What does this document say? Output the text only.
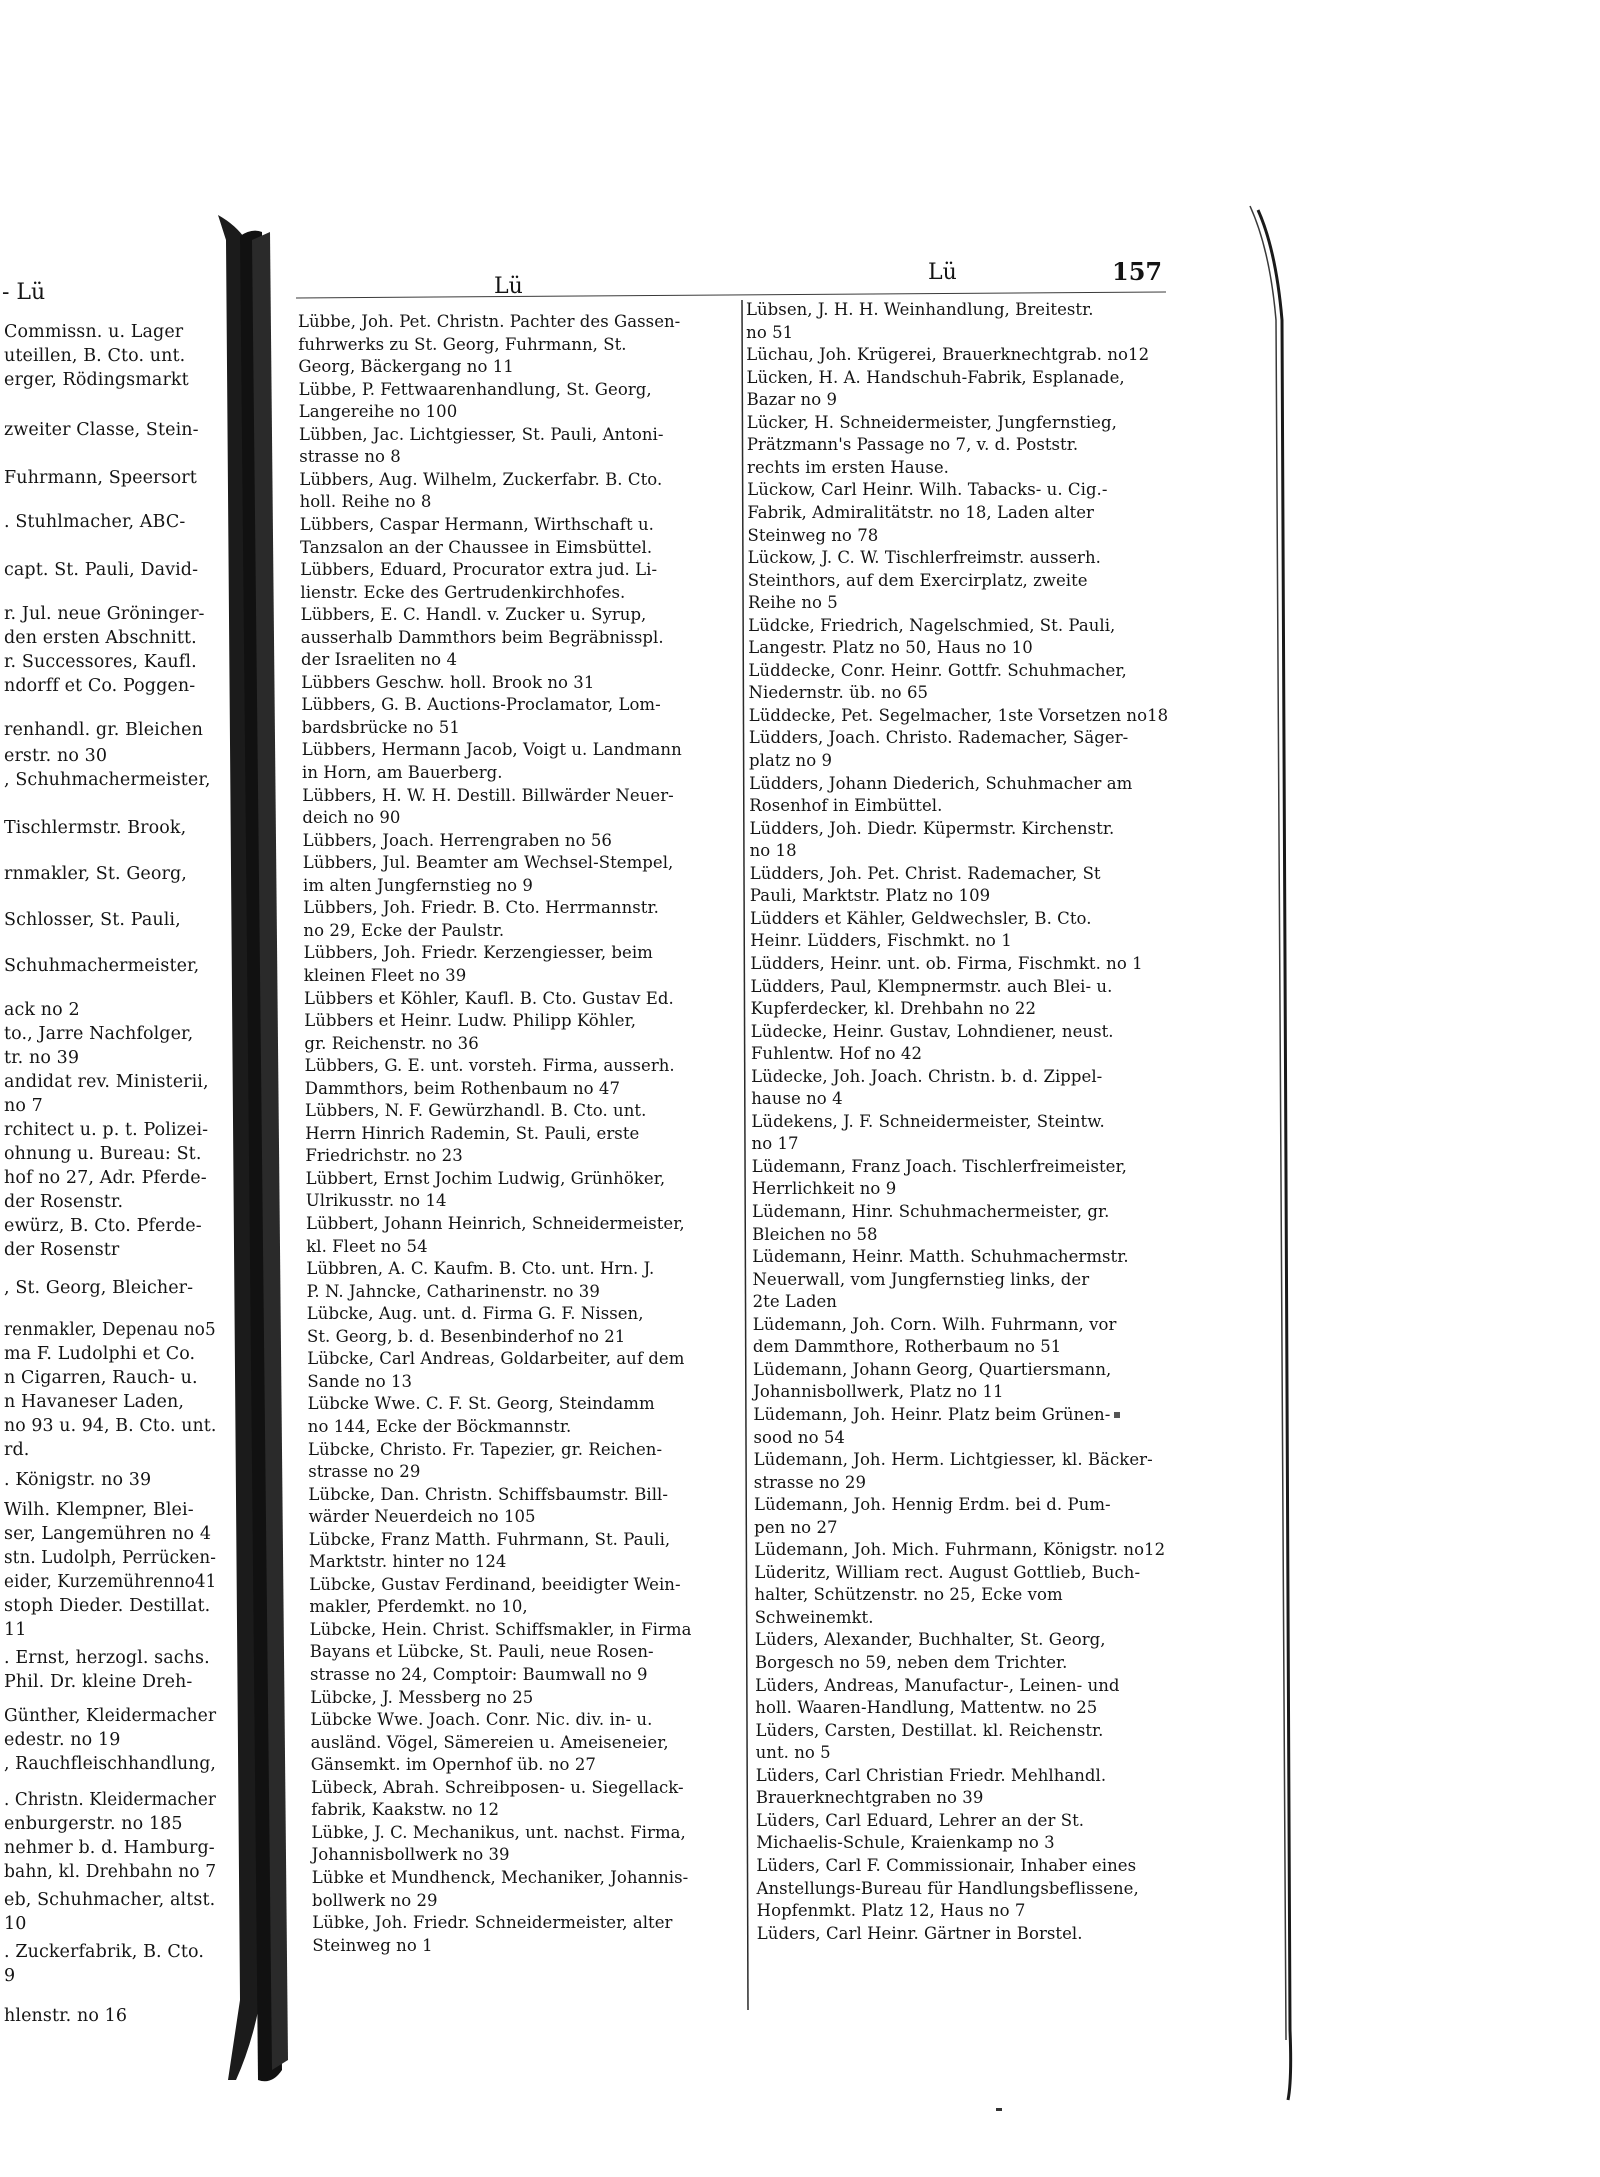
- Lü
Commissn. u. Lager
uteillen, B. Cto. unt.
erger, Rödingsmarkt
zweiter Classe, Stein-
Fuhrmann, Speersort
. Stuhlmacher, ABC-
capt. St. Pauli, David-
r. Jul. neue Gröninger-
den ersten Abschnitt.
r. Successores, Kaufl.
ndorff et Co. Poggen-
renhandl. gr. Bleichen
erstr. no 30
, Schuhmachermeister,
Tischlermstr. Brook,
rnmakler, St. Georg,
Schlosser, St. Pauli,
Schuhmachermeister,
ack no 2
to., Jarre Nachfolger,
tr. no 39
andidat rev. Ministerii,
no 7
rchitect u. p. t. Polizei-
ohnung u. Bureau: St.
hof no 27, Adr. Pferde-
der Rosenstr.
ewürz, B. Cto. Pferde-
der Rosenstr
, St. Georg, Bleicher-
renmakler, Depenau no5
ma F. Ludolphi et Co.
n Cigarren, Rauch- u.
n Havaneser Laden,
no 93 u. 94, B. Cto. unt.
rd.
. Königstr. no 39
Wilh. Klempner, Blei-
ser, Langemühren no 4
stn. Ludolph, Perrücken-
eider, Kurzemührenno41
stoph Dieder. Destillat.
11
. Ernst, herzogl. sachs.
Phil. Dr. kleine Dreh-
Günther, Kleidermacher
edestr. no 19
, Rauchfleischhandlung,
. Christn. Kleidermacher
enburgerstr. no 185
nehmer b. d. Hamburg-
bahn, kl. Drehbahn no 7
eb, Schuhmacher, altst.
10
. Zuckerfabrik, B. Cto.
9
hlenstr. no 16
Lü
Lü	157
Lübbe, Joh. Pet. Christn. Pachter des Gassen-
fuhrwerks zu St. Georg, Fuhrmann, St.
Georg, Bäckergang no 11
Lübbe, P. Fettwaarenhandlung, St. Georg,
Langereihe no 100
Lübben, Jac. Lichtgiesser, St. Pauli, Antoni-
strasse no 8
Lübbers, Aug. Wilhelm, Zuckerfabr. B. Cto.
holl. Reihe no 8
Lübbers, Caspar Hermann, Wirthschaft u.
Tanzsalon an der Chaussee in Eimsbüttel.
Lübbers, Eduard, Procurator extra jud. Li-
lienstr. Ecke des Gertrudenkirchhofes.
Lübbers, E. C. Handl. v. Zucker u. Syrup,
ausserhalb Dammthors beim Begräbnisspl.
der Israeliten no 4
Lübbers Geschw. holl. Brook no 31
Lübbers, G. B. Auctions-Proclamator, Lom-
bardsbrücke no 51
Lübbers, Hermann Jacob, Voigt u. Landmann
in Horn, am Bauerberg.
Lübbers, H. W. H. Destill. Billwärder Neuer-
deich no 90
Lübbers, Joach. Herrengraben no 56
Lübbers, Jul. Beamter am Wechsel-Stempel,
im alten Jungfernstieg no 9
Lübbers, Joh. Friedr. B. Cto. Herrmannstr.
no 29, Ecke der Paulstr.
Lübbers, Joh. Friedr. Kerzengiesser, beim
kleinen Fleet no 39
Lübbers et Köhler, Kaufl. B. Cto. Gustav Ed.
Lübbers et Heinr. Ludw. Philipp Köhler,
gr. Reichenstr. no 36
Lübbers, G. E. unt. vorsteh. Firma, ausserh.
Dammthors, beim Rothenbaum no 47
Lübbers, N. F. Gewürzhandl. B. Cto. unt.
Herrn Hinrich Rademin, St. Pauli, erste
Friedrichstr. no 23
Lübbert, Ernst Jochim Ludwig, Grünhöker,
Ulrikusstr. no 14
Lübbert, Johann Heinrich, Schneidermeister,
kl. Fleet no 54
Lübbren, A. C. Kaufm. B. Cto. unt. Hrn. J.
P. N. Jahncke, Catharinenstr. no 39
Lübcke, Aug. unt. d. Firma G. F. Nissen,
St. Georg, b. d. Besenbinderhof no 21
Lübcke, Carl Andreas, Goldarbeiter, auf dem
Sande no 13
Lübcke Wwe. C. F. St. Georg, Steindamm
no 144, Ecke der Böckmannstr.
Lübcke, Christo. Fr. Tapezier, gr. Reichen-
strasse no 29
Lübcke, Dan. Christn. Schiffsbaumstr. Bill-
wärder Neuerdeich no 105
Lübcke, Franz Matth. Fuhrmann, St. Pauli,
Marktstr. hinter no 124
Lübcke, Gustav Ferdinand, beeidigter Wein-
makler, Pferdemkt. no 10,
Lübcke, Hein. Christ. Schiffsmakler, in Firma
Bayans et Lübcke, St. Pauli, neue Rosen-
strasse no 24, Comptoir: Baumwall no 9
Lübcke, J. Messberg no 25
Lübcke Wwe. Joach. Conr. Nic. div. in- u.
ausländ. Vögel, Sämereien u. Ameiseneier,
Gänsemkt. im Opernhof üb. no 27
Lübeck, Abrah. Schreibposen- u. Siegellack-
fabrik, Kaakstw. no 12
Lübke, J. C. Mechanikus, unt. nachst. Firma,
Johannisbollwerk no 39
Lübke et Mundhenck, Mechaniker, Johannis-
bollwerk no 29
Lübke, Joh. Friedr. Schneidermeister, alter
Steinweg no 1
Lübsen, J. H. H. Weinhandlung, Breitestr.
no 51
Lüchau, Joh. Krügerei, Brauerknechtgrab. no12
Lücken, H. A. Handschuh-Fabrik, Esplanade,
Bazar no 9
Lücker, H. Schneidermeister, Jungfernstieg,
Prätzmann's Passage no 7, v. d. Poststr.
rechts im ersten Hause.
Lückow, Carl Heinr. Wilh. Tabacks- u. Cig.-
Fabrik, Admiralitätstr. no 18, Laden alter
Steinweg no 78
Lückow, J. C. W. Tischlerfreimstr. ausserh.
Steinthors, auf dem Exercirplatz, zweite
Reihe no 5
Lüdcke, Friedrich, Nagelschmied, St. Pauli,
Langestr. Platz no 50, Haus no 10
Lüddecke, Conr. Heinr. Gottfr. Schuhmacher,
Niedernstr. üb. no 65
Lüddecke, Pet. Segelmacher, 1ste Vorsetzen no18
Lüdders, Joach. Christo. Rademacher, Säger-
platz no 9
Lüdders, Johann Diederich, Schuhmacher am
Rosenhof in Eimbüttel.
Lüdders, Joh. Diedr. Küpermstr. Kirchenstr.
no 18
Lüdders, Joh. Pet. Christ. Rademacher, St
Pauli, Marktstr. Platz no 109
Lüdders et Kähler, Geldwechsler, B. Cto.
Heinr. Lüdders, Fischmkt. no 1
Lüdders, Heinr. unt. ob. Firma, Fischmkt. no 1
Lüdders, Paul, Klempnermstr. auch Blei- u.
Kupferdecker, kl. Drehbahn no 22
Lüdecke, Heinr. Gustav, Lohndiener, neust.
Fuhlentw. Hof no 42
Lüdecke, Joh. Joach. Christn. b. d. Zippel-
hause no 4
Lüdekens, J. F. Schneidermeister, Steintw.
no 17
Lüdemann, Franz Joach. Tischlerfreimeister,
Herrlichkeit no 9
Lüdemann, Hinr. Schuhmachermeister, gr.
Bleichen no 58
Lüdemann, Heinr. Matth. Schuhmachermstr.
Neuerwall, vom Jungfernstieg links, der
2te Laden
Lüdemann, Joh. Corn. Wilh. Fuhrmann, vor
dem Dammthore, Rotherbaum no 51
Lüdemann, Johann Georg, Quartiersmann,
Johannisbollwerk, Platz no 11
Lüdemann, Joh. Heinr. Platz beim Grünen-
sood no 54
Lüdemann, Joh. Herm. Lichtgiesser, kl. Bäcker-
strasse no 29
Lüdemann, Joh. Hennig Erdm. bei d. Pum-
pen no 27
Lüdemann, Joh. Mich. Fuhrmann, Königstr. no12
Lüderitz, William rect. August Gottlieb, Buch-
halter, Schützenstr. no 25, Ecke vom
Schweinemkt.
Lüders, Alexander, Buchhalter, St. Georg,
Borgesch no 59, neben dem Trichter.
Lüders, Andreas, Manufactur-, Leinen- und
holl. Waaren-Handlung, Mattentw. no 25
Lüders, Carsten, Destillat. kl. Reichenstr.
unt. no 5
Lüders, Carl Christian Friedr. Mehlhandl.
Brauerknechtgraben no 39
Lüders, Carl Eduard, Lehrer an der St.
Michaelis-Schule, Kraienkamp no 3
Lüders, Carl F. Commissionair, Inhaber eines
Anstellungs-Bureau für Handlungsbeflissene,
Hopfenmkt. Platz 12, Haus no 7
Lüders, Carl Heinr. Gärtner in Borstel.
